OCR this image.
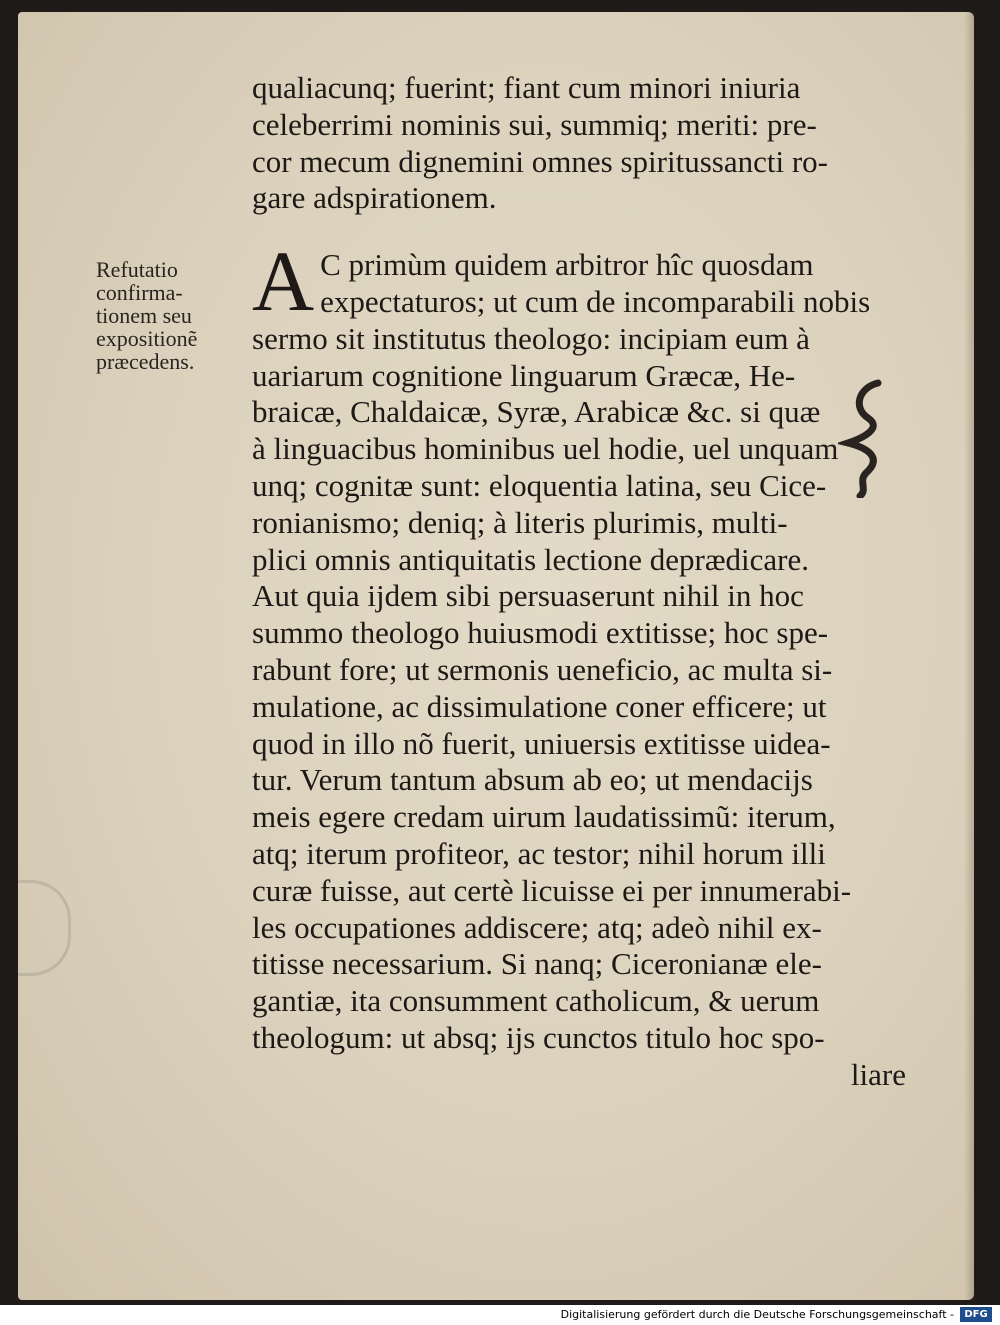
Refutatio
confirma-
tionem seu
expositionẽ
præcedens.
qualiacunq; fuerint; fiant cum minori iniuria
celeberrimi nominis sui, summiq; meriti: pre-
cor mecum dignemini omnes spiritussancti ro-
gare adspirationem.
A C primùm quidem arbitror hîc quosdam
expectaturos; ut cum de incomparabili nobis
sermo sit institutus theologo: incipiam eum à
uariarum cognitione linguarum Græcæ, He-
braicæ, Chaldaicæ, Syræ, Arabicæ &c. si quæ
à linguacibus hominibus uel hodie, uel unquam
unq; cognitæ sunt: eloquentia latina, seu Cice-
ronianismo; deniq; à literis plurimis, multi-
plici omnis antiquitatis lectione deprædicare.
Aut quia ijdem sibi persuaserunt nihil in hoc
summo theologo huiusmodi extitisse; hoc spe-
rabunt fore; ut sermonis ueneficio, ac multa si-
mulatione, ac dissimulatione coner efficere; ut
quod in illo nõ fuerit, uniuersis extitisse uidea-
tur. Verum tantum absum ab eo; ut mendacijs
meis egere credam uirum laudatissimũ: iterum,
atq; iterum profiteor, ac testor; nihil horum illi
curæ fuisse, aut certè licuisse ei per innumerabi-
les occupationes addiscere; atq; adeò nihil ex-
titisse necessarium. Si nanq; Ciceronianæ ele-
gantiæ, ita consumment catholicum, & uerum
theologum: ut absq; ijs cunctos titulo hoc spo-
liare
Digitalisierung gefördert durch die Deutsche Forschungsgemeinschaft -	DFG
